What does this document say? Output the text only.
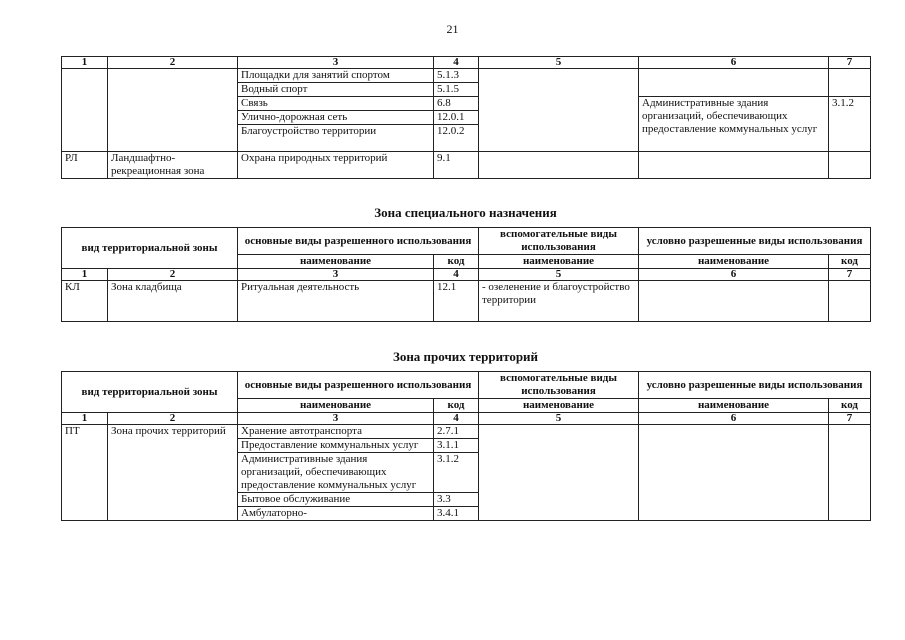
21
1	2	3	4	5	6	7
		Площадки для занятий спортом	5.1.3			
		Водный спорт	5.1.5			
		Связь	6.8		Административные здания организаций, обеспечивающих предоставление коммунальных услуг	3.1.2
		Улично-дорожная сеть	12.0.1			
		Благоустройство территории	12.0.2			
РЛ	Ландшафтно-рекреационная зона	Охрана природных территорий	9.1			
Зона специального назначения
вид территориальной зоны		основные виды разрешенного использования		вспомогательные виды использования	условно разрешенные виды использования	
		наименование	код	наименование	наименование	код
1	2	3	4	5	6	7
КЛ	Зона кладбища	Ритуальная деятельность	12.1	- озеленение и благоустройство территории		
Зона прочих территорий
вид территориальной зоны		основные виды разрешенного использования		вспомогательные виды использования	условно разрешенные виды использования	
		наименование	код	наименование	наименование	код
1	2	3	4	5	6	7
ПТ	Зона прочих территорий	Хранение автотранспорта	2.7.1			
		Предоставление коммунальных услуг	3.1.1			
		Административные здания организаций, обеспечивающих предоставление коммунальных услуг	3.1.2			
		Бытовое обслуживание	3.3			
		Амбулаторно-	3.4.1			
